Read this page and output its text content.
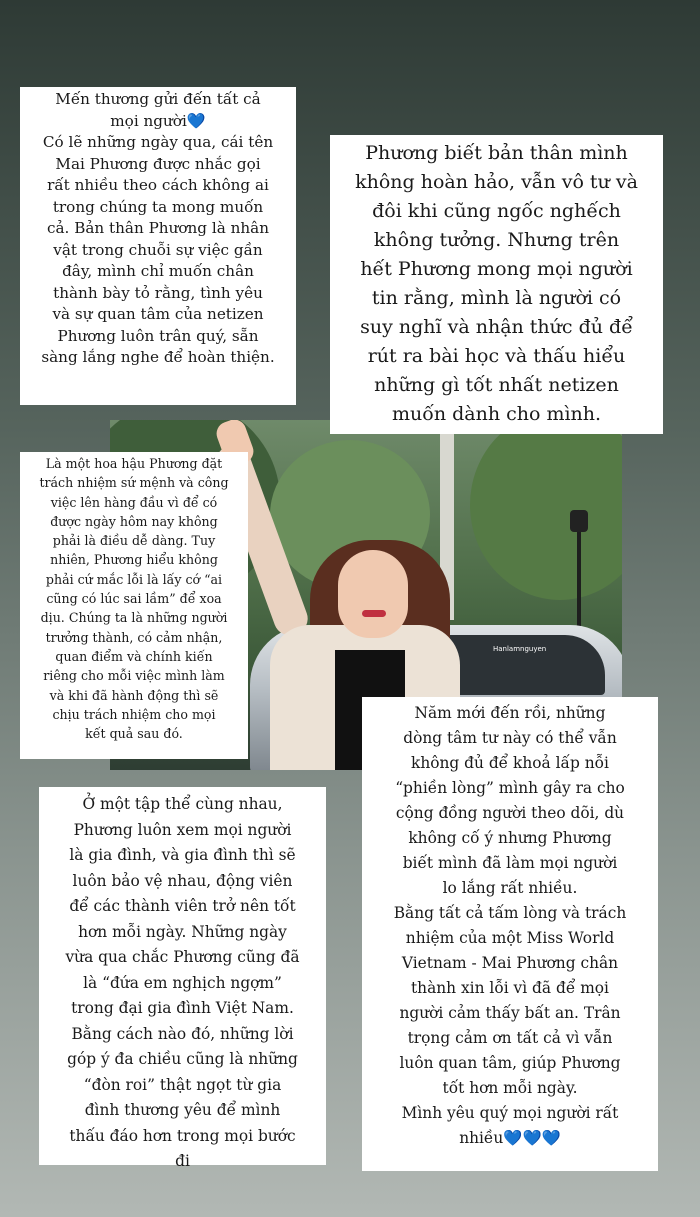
Hanlamnguyen
Mến thương gửi đến tất cả
mọi người💙
Có lẽ những ngày qua, cái tên
Mai Phương được nhắc gọi
rất nhiều theo cách không ai
trong chúng ta mong muốn
cả. Bản thân Phương là nhân
vật trong chuỗi sự việc gần
đây, mình chỉ muốn chân
thành bày tỏ rằng, tình yêu
và sự quan tâm của netizen
Phương luôn trân quý, sẵn
sàng lắng nghe để hoàn thiện.
Phương biết bản thân mình
không hoàn hảo, vẫn vô tư và
đôi khi cũng ngốc nghếch
không tưởng. Nhưng trên
hết Phương mong mọi người
tin rằng, mình là người có
suy nghĩ và nhận thức đủ để
rút ra bài học và thấu hiểu
những gì tốt nhất netizen
muốn dành cho mình.
Là một hoa hậu Phương đặt
trách nhiệm sứ mệnh và công
việc lên hàng đầu vì để có
được ngày hôm nay không
phải là điều dễ dàng. Tuy
nhiên, Phương hiểu không
phải cứ mắc lỗi là lấy cớ “ai
cũng có lúc sai lầm” để xoa
dịu. Chúng ta là những người
trưởng thành, có cảm nhận,
quan điểm và chính kiến
riêng cho mỗi việc mình làm
và khi đã hành động thì sẽ
chịu trách nhiệm cho mọi
kết quả sau đó.
Ở một tập thể cùng nhau,
Phương luôn xem mọi người
là gia đình, và gia đình thì sẽ
luôn bảo vệ nhau, động viên
để các thành viên trở nên tốt
hơn mỗi ngày. Những ngày
vừa qua chắc Phương cũng đã
là “đứa em nghịch ngợm”
trong đại gia đình Việt Nam.
Bằng cách nào đó, những lời
góp ý đa chiều cũng là những
“đòn roi” thật ngọt từ gia
đình thương yêu để mình
thấu đáo hơn trong mọi bước
đi
Năm mới đến rồi, những
dòng tâm tư này có thể vẫn
không đủ để khoả lấp nỗi
“phiền lòng” mình gây ra cho
cộng đồng người theo dõi, dù
không cố ý nhưng Phương
biết mình đã làm mọi người
lo lắng rất nhiều.
Bằng tất cả tấm lòng và trách
nhiệm của một Miss World
Vietnam - Mai Phương chân
thành xin lỗi vì đã để mọi
người cảm thấy bất an. Trân
trọng cảm ơn tất cả vì vẫn
luôn quan tâm, giúp Phương
tốt hơn mỗi ngày.
Mình yêu quý mọi người rất
nhiều💙💙💙
